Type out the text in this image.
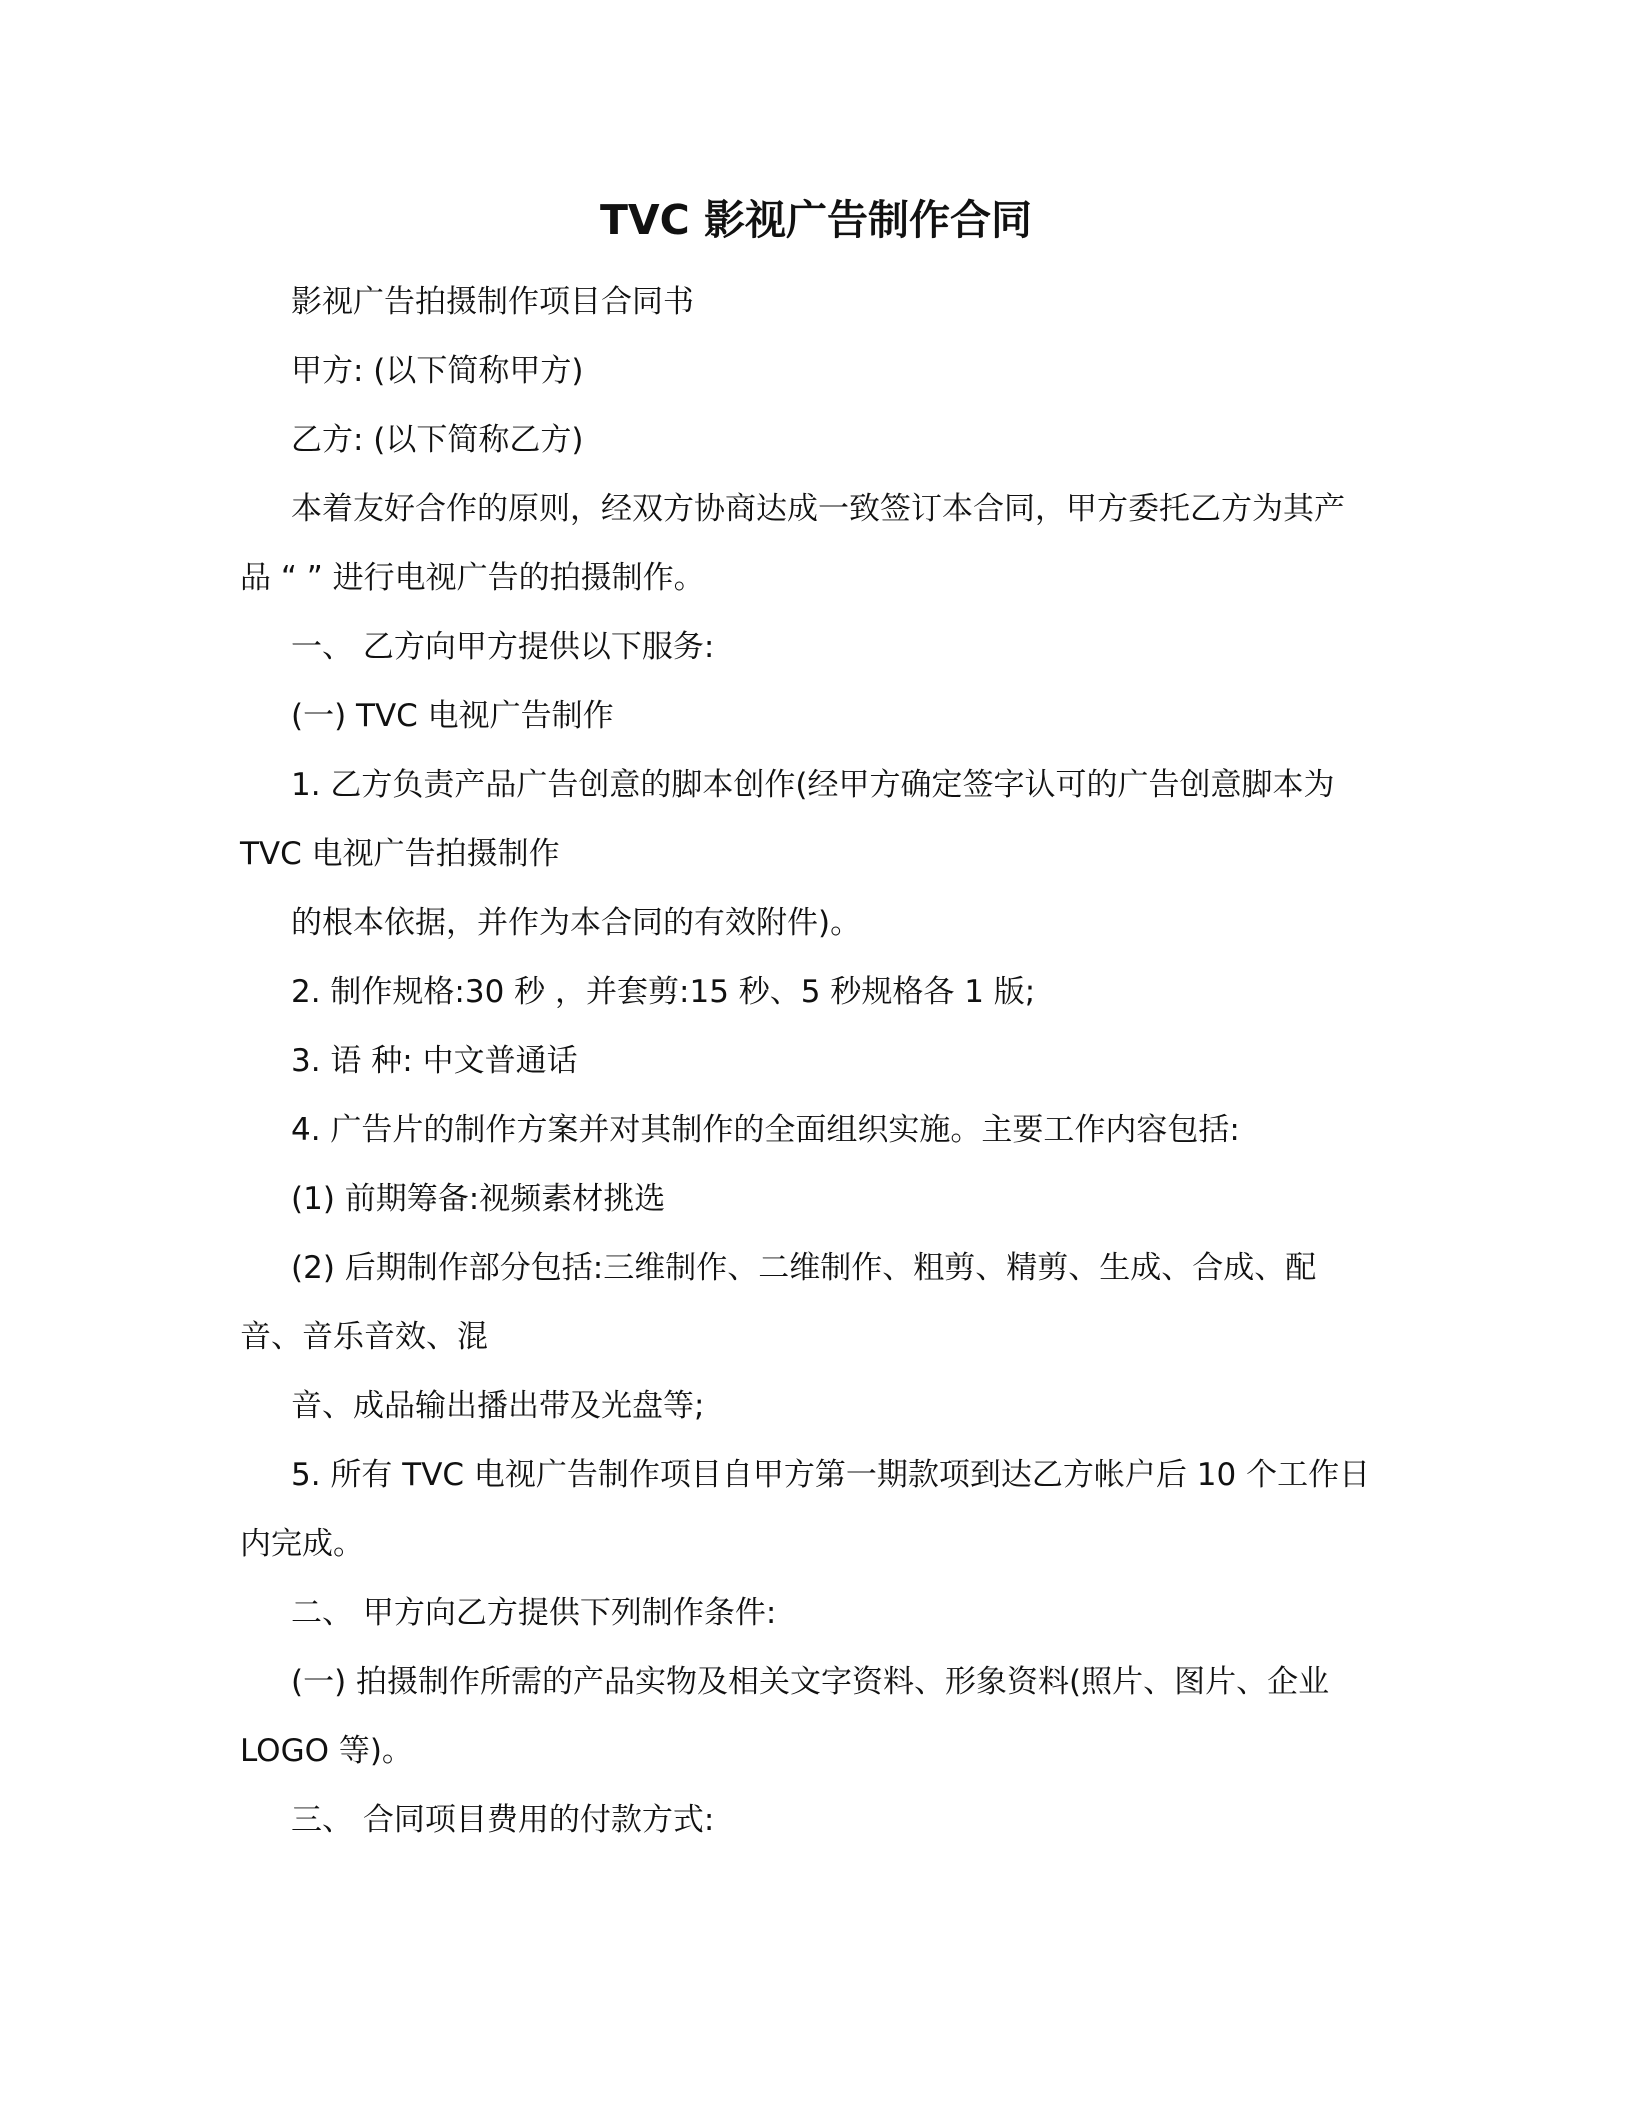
TVC 影视广告制作合同
影视广告拍摄制作项目合同书
甲方: (以下简称甲方)
乙方: (以下简称乙方)
本着友好合作的原则，经双方协商达成一致签订本合同，甲方委托乙方为其产
品 “ ” 进行电视广告的拍摄制作。
一、 乙方向甲方提供以下服务:
(一) TVC 电视广告制作
1. 乙方负责产品广告创意的脚本创作(经甲方确定签字认可的广告创意脚本为
TVC 电视广告拍摄制作
的根本依据，并作为本合同的有效附件)。
2. 制作规格:30 秒 ，并套剪:15 秒、5 秒规格各 1 版;
3. 语 种: 中文普通话
4. 广告片的制作方案并对其制作的全面组织实施。主要工作内容包括:
(1) 前期筹备:视频素材挑选
(2) 后期制作部分包括:三维制作、二维制作、粗剪、精剪、生成、合成、配
音、音乐音效、混
音、成品输出播出带及光盘等;
5. 所有 TVC 电视广告制作项目自甲方第一期款项到达乙方帐户后 10 个工作日
内完成。
二、 甲方向乙方提供下列制作条件:
(一) 拍摄制作所需的产品实物及相关文字资料、形象资料(照片、图片、企业
LOGO 等)。
三、 合同项目费用的付款方式:
